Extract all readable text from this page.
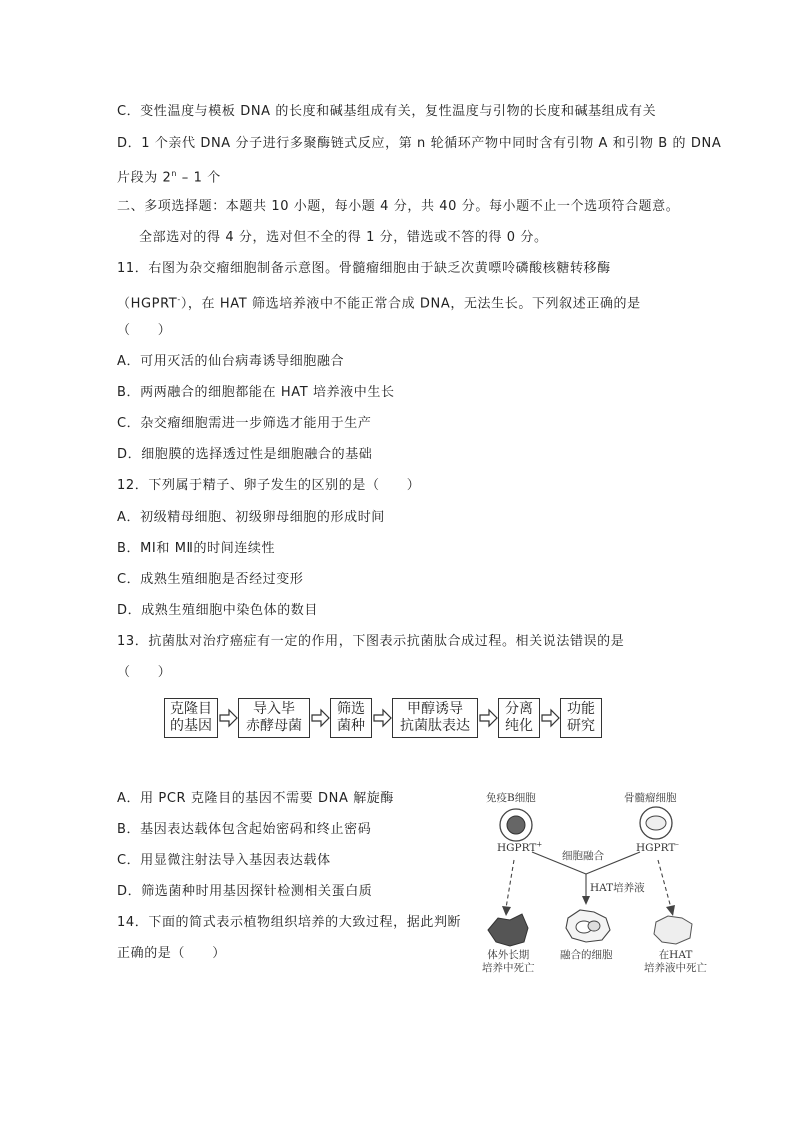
C．变性温度与模板 DNA 的长度和碱基组成有关，复性温度与引物的长度和碱基组成有关
D．1 个亲代 DNA 分子进行多聚酶链式反应，第 n 轮循环产物中同时含有引物 A 和引物 B 的 DNA
片段为 2$^n$ – 1 个
二、多项选择题：本题共 10 小题，每小题 4 分，共 40 分。每小题不止一个选项符合题意。
全部选对的得 4 分，选对但不全的得 1 分，错选或不答的得 0 分。
11．右图为杂交瘤细胞制备示意图。骨髓瘤细胞由于缺乏次黄嘌呤磷酸核糖转移酶
（HGPRT-），在 HAT 筛选培养液中不能正常合成 DNA，无法生长。下列叙述正确的是
（　　）
A．可用灭活的仙台病毒诱导细胞融合
B．两两融合的细胞都能在 HAT 培养液中生长
C．杂交瘤细胞需进一步筛选才能用于生产
D．细胞膜的选择透过性是细胞融合的基础
12．下列属于精子、卵子发生的区别的是（　　）
A．初级精母细胞、初级卵母细胞的形成时间
B．MⅠ和 MⅡ的时间连续性
C．成熟生殖细胞是否经过变形
D．成熟生殖细胞中染色体的数目
13．抗菌肽对治疗癌症有一定的作用，下图表示抗菌肽合成过程。相关说法错误的是
（　　）
克隆目
的基因
导入毕
赤酵母菌
筛选
菌种
甲醇诱导
抗菌肽表达
分离
纯化
功能
研究
A．用 PCR 克隆目的基因不需要 DNA 解旋酶
B．基因表达载体包含起始密码和终止密码
C．用显微注射法导入基因表达载体
D．筛选菌种时用基因探针检测相关蛋白质
14．下面的简式表示植物组织培养的大致过程，据此判断
正确的是（　　）
免疫B细胞	骨髓瘤细胞
HGPRT+	HGPRT–
细胞融合
HAT培养液
体外长期
培养中死亡
融合的细胞	在HAT
培养液中死亡
